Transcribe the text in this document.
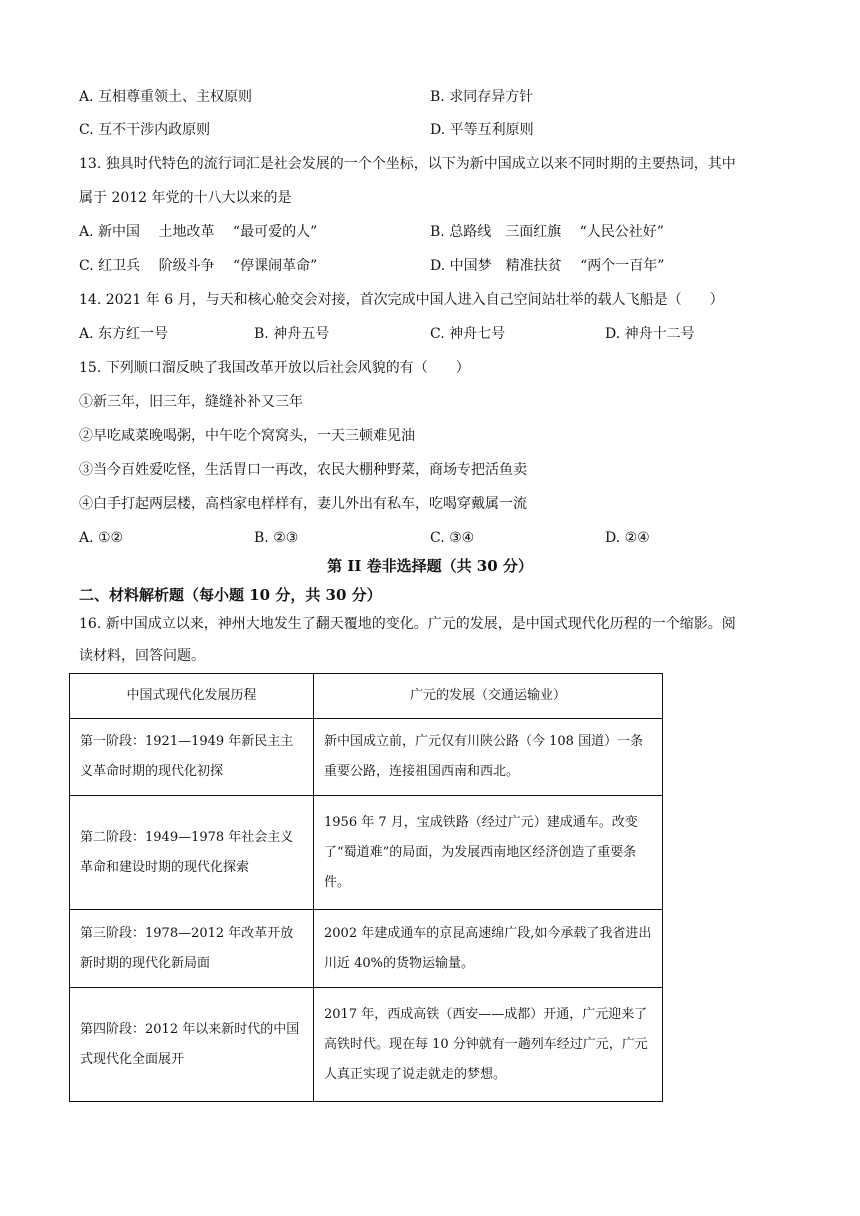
A. 互相尊重领土、主权原则	B. 求同存异方针
C. 互不干涉内政原则	D. 平等互利原则
13. 独具时代特色的流行词汇是社会发展的一个个坐标，以下为新中国成立以来不同时期的主要热词，其中
属于 2012 年党的十八大以来的是
A. 新中国　 土地改革　 “最可爱的人”	B. 总路线　三面红旗　 “人民公社好”
C. 红卫兵　 阶级斗争　 “停课闹革命”	D. 中国梦　精准扶贫　 “两个一百年”
14. 2021 年 6 月，与天和核心舱交会对接，首次完成中国人进入自己空间站壮举的载人飞船是（　　）
A. 东方红一号	B. 神舟五号	C. 神舟七号	D. 神舟十二号
15. 下列顺口溜反映了我国改革开放以后社会风貌的有（　　）
①新三年，旧三年，缝缝补补又三年
②早吃咸菜晚喝粥，中午吃个窝窝头，一天三顿难见油
③当今百姓爱吃怪，生活胃口一再改，农民大棚种野菜，商场专把活鱼卖
④白手打起两层楼，高档家电样样有，妻儿外出有私车，吃喝穿戴属一流
A. ①②	B. ②③	C. ③④	D. ②④
第 II 卷非选择题（共 30 分）
二、材料解析题（每小题 10 分，共 30 分）
16. 新中国成立以来，神州大地发生了翻天覆地的变化。广元的发展，是中国式现代化历程的一个缩影。阅
读材料，回答问题。
中国式现代化发展历程	广元的发展（交通运输业）
第一阶段：1921—1949 年新民主主义革命时期的现代化初探	新中国成立前，广元仅有川陕公路（今 108 国道）一条重要公路，连接祖国西南和西北。
第二阶段：1949—1978 年社会主义革命和建设时期的现代化探索	1956 年 7 月，宝成铁路（经过广元）建成通车。改变了“蜀道难”的局面，为发展西南地区经济创造了重要条件。
第三阶段：1978—2012 年改革开放新时期的现代化新局面	2002 年建成通车的京昆高速绵广段,如今承载了我省进出川近 40%的货物运输量。
第四阶段：2012 年以来新时代的中国式现代化全面展开	2017 年，西成高铁（西安——成都）开通，广元迎来了高铁时代。现在每 10 分钟就有一趟列车经过广元，广元人真正实现了说走就走的梦想。
